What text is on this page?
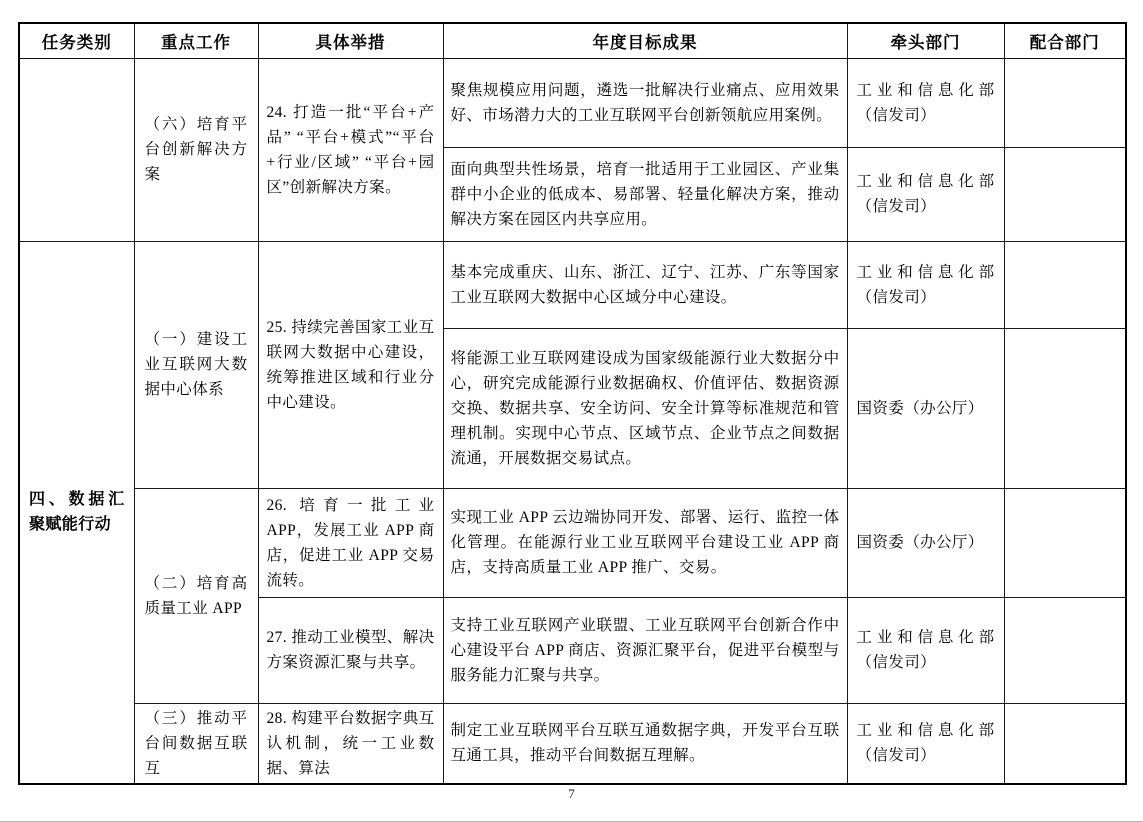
任务类别	重点工作	具体举措	年度目标成果	牵头部门	配合部门
	（六）培育平台创新解决方案	24. 打造一批“平台+产品” “平台+模式”“平台+行业/区域” “平台+园区”创新解决方案。	聚焦规模应用问题，遴选一批解决行业痛点、应用效果好、市场潜力大的工业互联网平台创新领航应用案例。	工业和信息化部（信发司）	
			面向典型共性场景，培育一批适用于工业园区、产业集群中小企业的低成本、易部署、轻量化解决方案，推动解决方案在园区内共享应用。	工业和信息化部（信发司）	
四、数据汇聚赋能行动	（一）建设工业互联网大数据中心体系	25. 持续完善国家工业互联网大数据中心建设，统筹推进区域和行业分中心建设。	基本完成重庆、山东、浙江、辽宁、江苏、广东等国家工业互联网大数据中心区域分中心建设。	工业和信息化部（信发司）	
			将能源工业互联网建设成为国家级能源行业大数据分中心，研究完成能源行业数据确权、价值评估、数据资源交换、数据共享、安全访问、安全计算等标准规范和管理机制。实现中心节点、区域节点、企业节点之间数据流通，开展数据交易试点。	国资委（办公厅）	
	（二）培育高质量工业 APP	26. 培育一批工业 APP，发展工业 APP 商店，促进工业 APP 交易流转。	实现工业 APP 云边端协同开发、部署、运行、监控一体化管理。在能源行业工业互联网平台建设工业 APP 商店，支持高质量工业 APP 推广、交易。	国资委（办公厅）	
		27. 推动工业模型、解决方案资源汇聚与共享。	支持工业互联网产业联盟、工业互联网平台创新合作中心建设平台 APP 商店、资源汇聚平台，促进平台模型与服务能力汇聚与共享。	工业和信息化部（信发司）	
	（三）推动平台间数据互联互	28. 构建平台数据字典互认机制，统一工业数据、算法	制定工业互联网平台互联互通数据字典，开发平台互联互通工具，推动平台间数据互理解。	工业和信息化部（信发司）	
7
